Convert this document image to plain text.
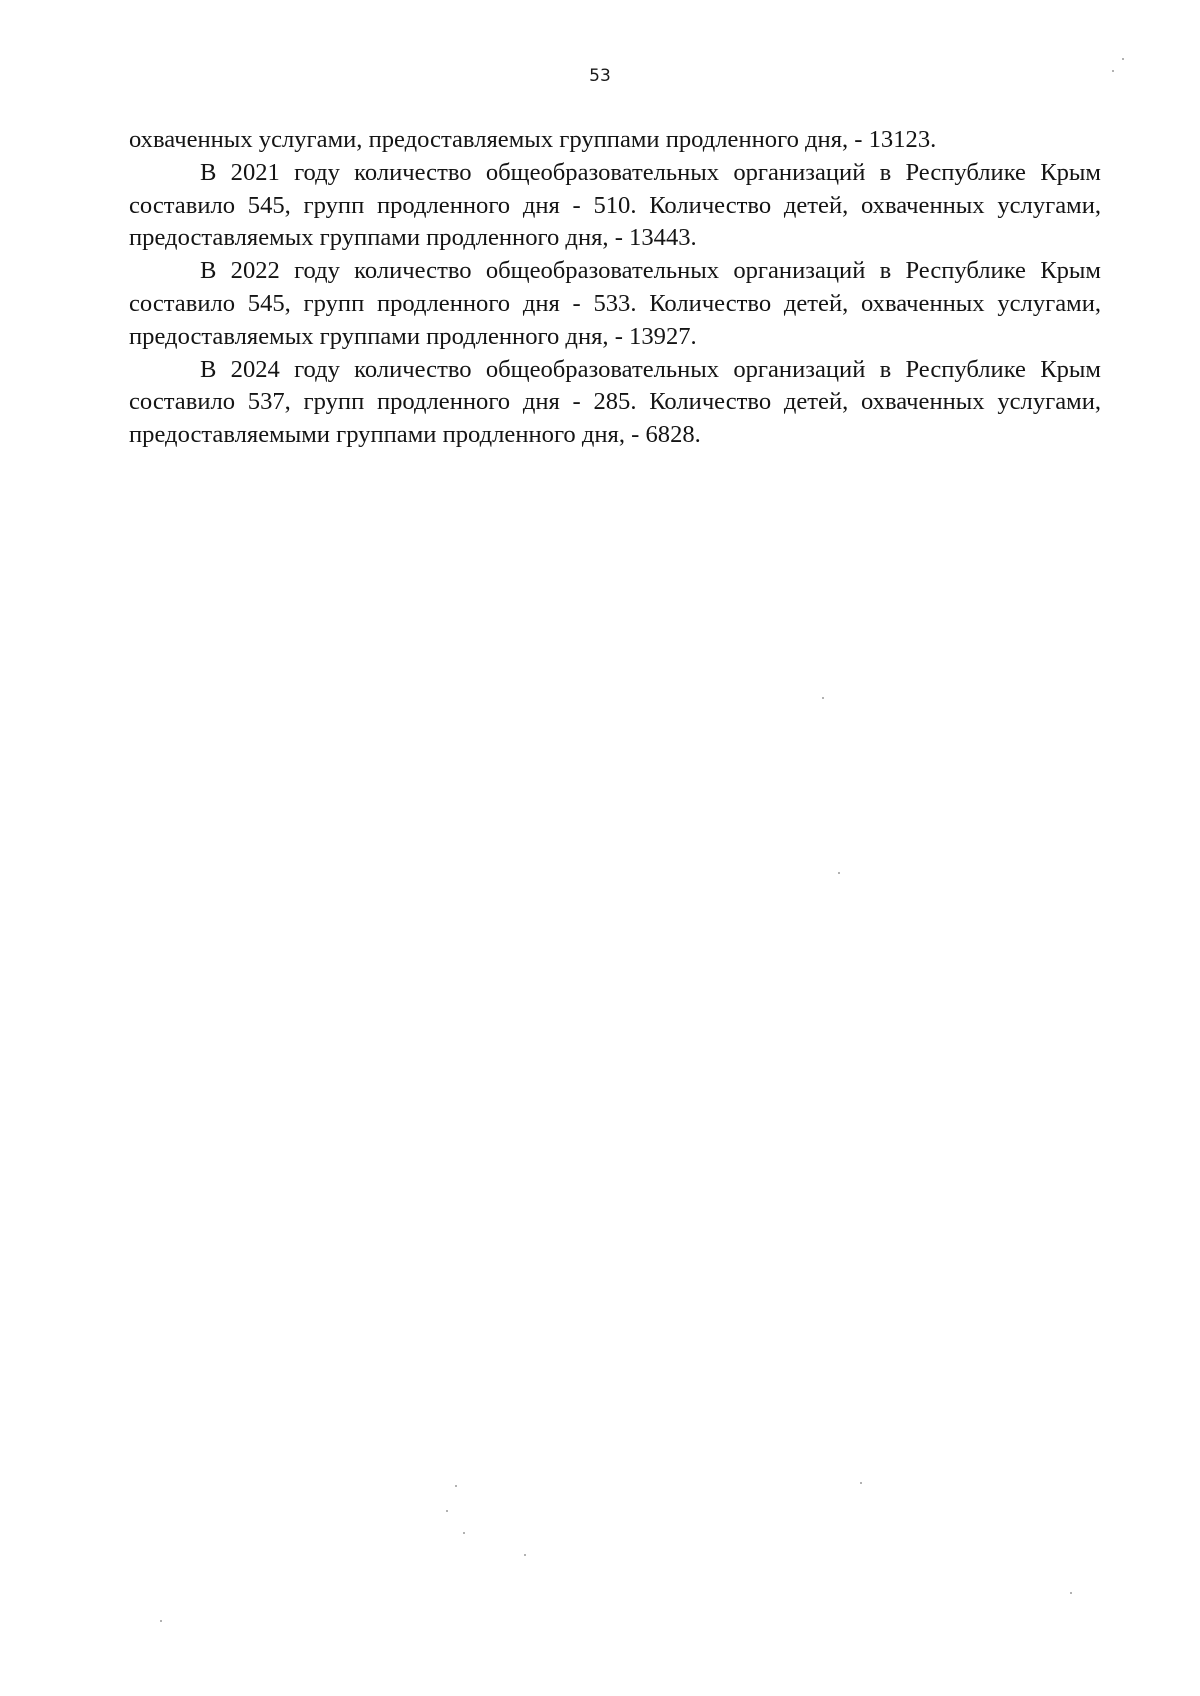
53

охваченных услугами, предоставляемых группами продленного дня, - 13123.

В 2021 году количество общеобразовательных организаций в Республике Крым составило 545, групп продленного дня - 510. Количество детей, охваченных услугами, предоставляемых группами продленного дня, - 13443.

В 2022 году количество общеобразовательных организаций в Республике Крым составило 545, групп продленного дня - 533. Количество детей, охваченных услугами, предоставляемых группами продленного дня, - 13927.

В 2024 году количество общеобразовательных организаций в Республике Крым составило 537, групп продленного дня - 285. Количество детей, охваченных услугами, предоставляемыми группами продленного дня, - 6828.
